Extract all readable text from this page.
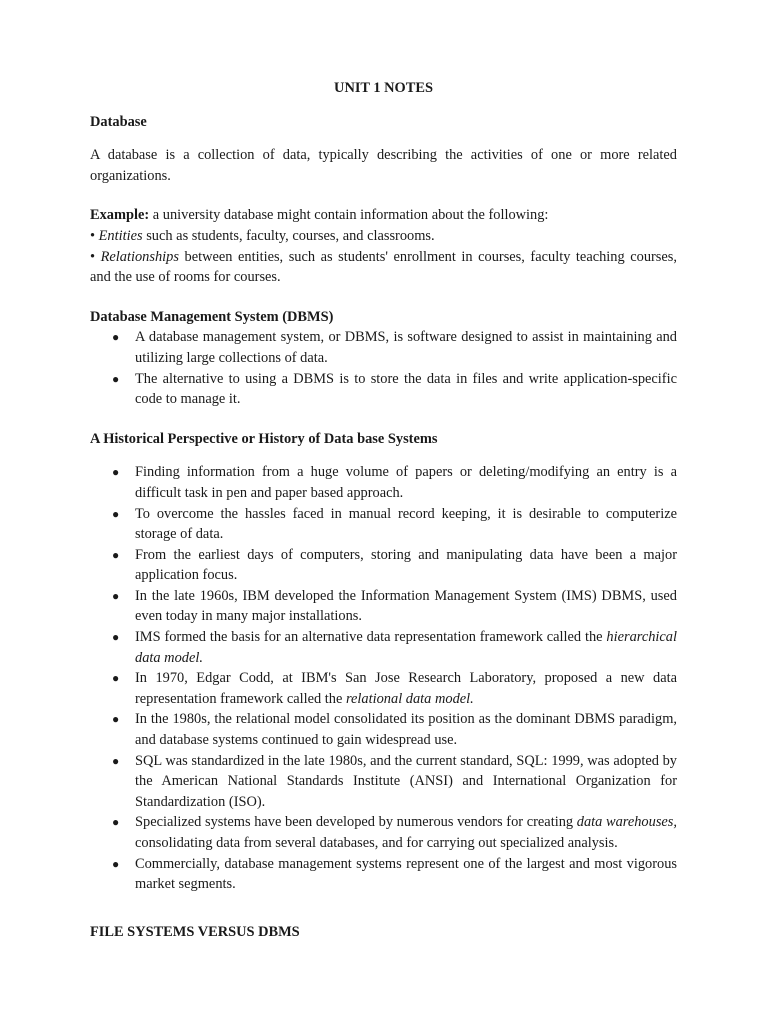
UNIT 1 NOTES
Database

A database is a collection of data, typically describing the activities of one or more related organizations.

Example: a university database might contain information about the following:

• Entities such as students, faculty, courses, and classrooms.

• Relationships between entities, such as students' enrollment in courses, faculty teaching courses, and the use of rooms for courses.

Database Management System (DBMS)
● A database management system, or DBMS, is software designed to assist in maintaining and utilizing large collections of data.
● The alternative to using a DBMS is to store the data in files and write application-specific code to manage it.
A Historical Perspective or History of Data base Systems
● Finding information from a huge volume of papers or deleting/modifying an entry is a difficult task in pen and paper based approach.
● To overcome the hassles faced in manual record keeping, it is desirable to computerize storage of data.
● From the earliest days of computers, storing and manipulating data have been a major application focus.
● In the late 1960s, IBM developed the Information Management System (IMS) DBMS, used even today in many major installations.
● IMS formed the basis for an alternative data representation framework called the hierarchical data model.
● In 1970, Edgar Codd, at IBM's San Jose Research Laboratory, proposed a new data representation framework called the relational data model.
● In the 1980s, the relational model consolidated its position as the dominant DBMS paradigm, and database systems continued to gain widespread use.
● SQL was standardized in the late 1980s, and the current standard, SQL: 1999, was adopted by the American National Standards Institute (ANSI) and International Organization for Standardization (ISO).
● Specialized systems have been developed by numerous vendors for creating data warehouses, consolidating data from several databases, and for carrying out specialized analysis.
● Commercially, database management systems represent one of the largest and most vigorous market segments.
FILE SYSTEMS VERSUS DBMS
